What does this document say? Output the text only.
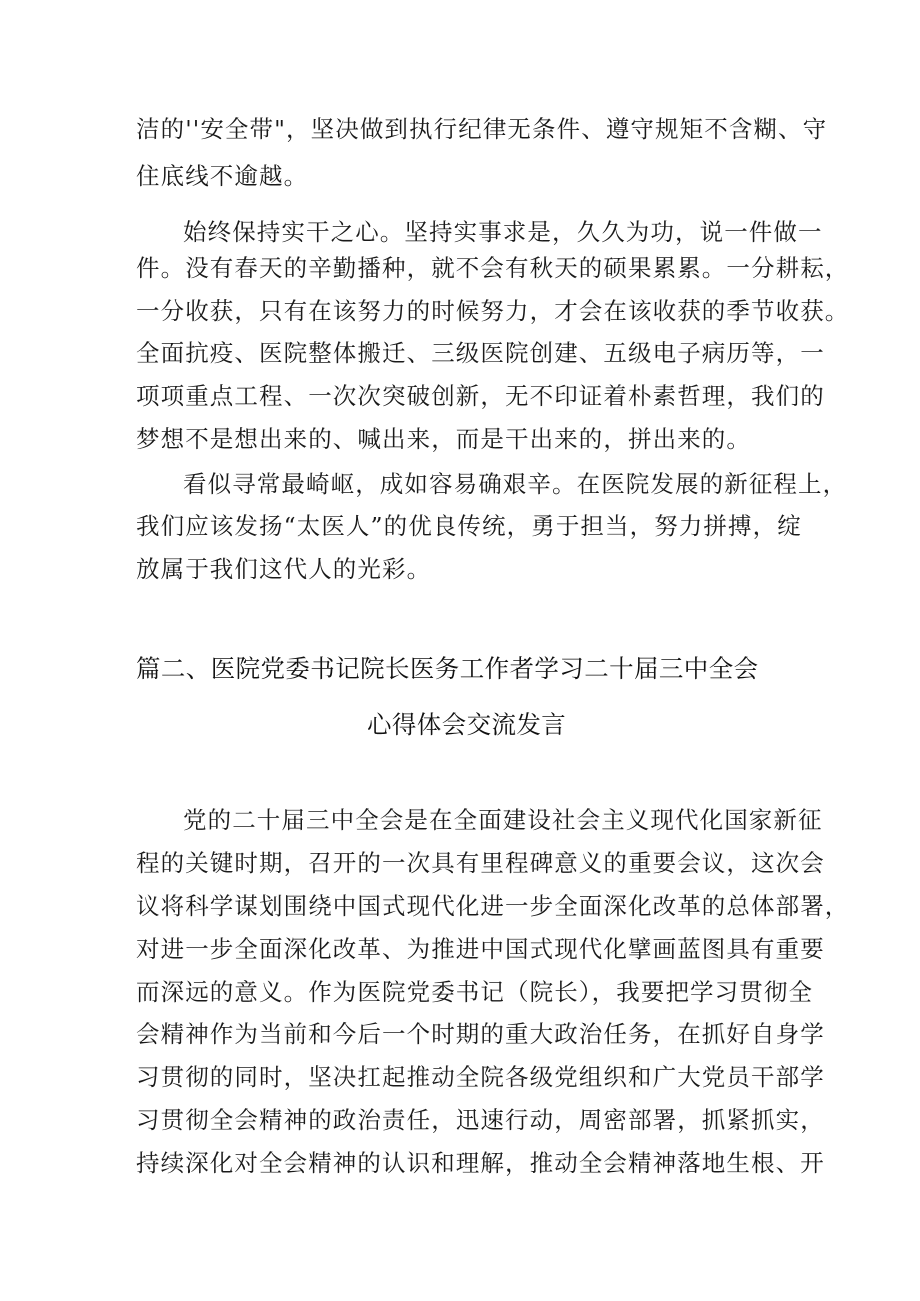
洁的''安全带"，坚决做到执行纪律无条件、遵守规矩不含糊、守
住底线不逾越。
始终保持实干之心。坚持实事求是，久久为功，说一件做一
件。没有春天的辛勤播种，就不会有秋天的硕果累累。一分耕耘，
一分收获，只有在该努力的时候努力，才会在该收获的季节收获。
全面抗疫、医院整体搬迁、三级医院创建、五级电子病历等，一
项项重点工程、一次次突破创新，无不印证着朴素哲理，我们的
梦想不是想出来的、喊出来，而是干出来的，拼出来的。
看似寻常最崎岖，成如容易确艰辛。在医院发展的新征程上，
我们应该发扬“太医人”的优良传统，勇于担当，努力拼搏，绽
放属于我们这代人的光彩。
篇二、医院党委书记院长医务工作者学习二十届三中全会
心得体会交流发言
党的二十届三中全会是在全面建设社会主义现代化国家新征
程的关键时期，召开的一次具有里程碑意义的重要会议，这次会
议将科学谋划围绕中国式现代化进一步全面深化改革的总体部署，
对进一步全面深化改革、为推进中国式现代化擘画蓝图具有重要
而深远的意义。作为医院党委书记（院长），我要把学习贯彻全
会精神作为当前和今后一个时期的重大政治任务，在抓好自身学
习贯彻的同时，坚决扛起推动全院各级党组织和广大党员干部学
习贯彻全会精神的政治责任，迅速行动，周密部署，抓紧抓实，
持续深化对全会精神的认识和理解，推动全会精神落地生根、开
